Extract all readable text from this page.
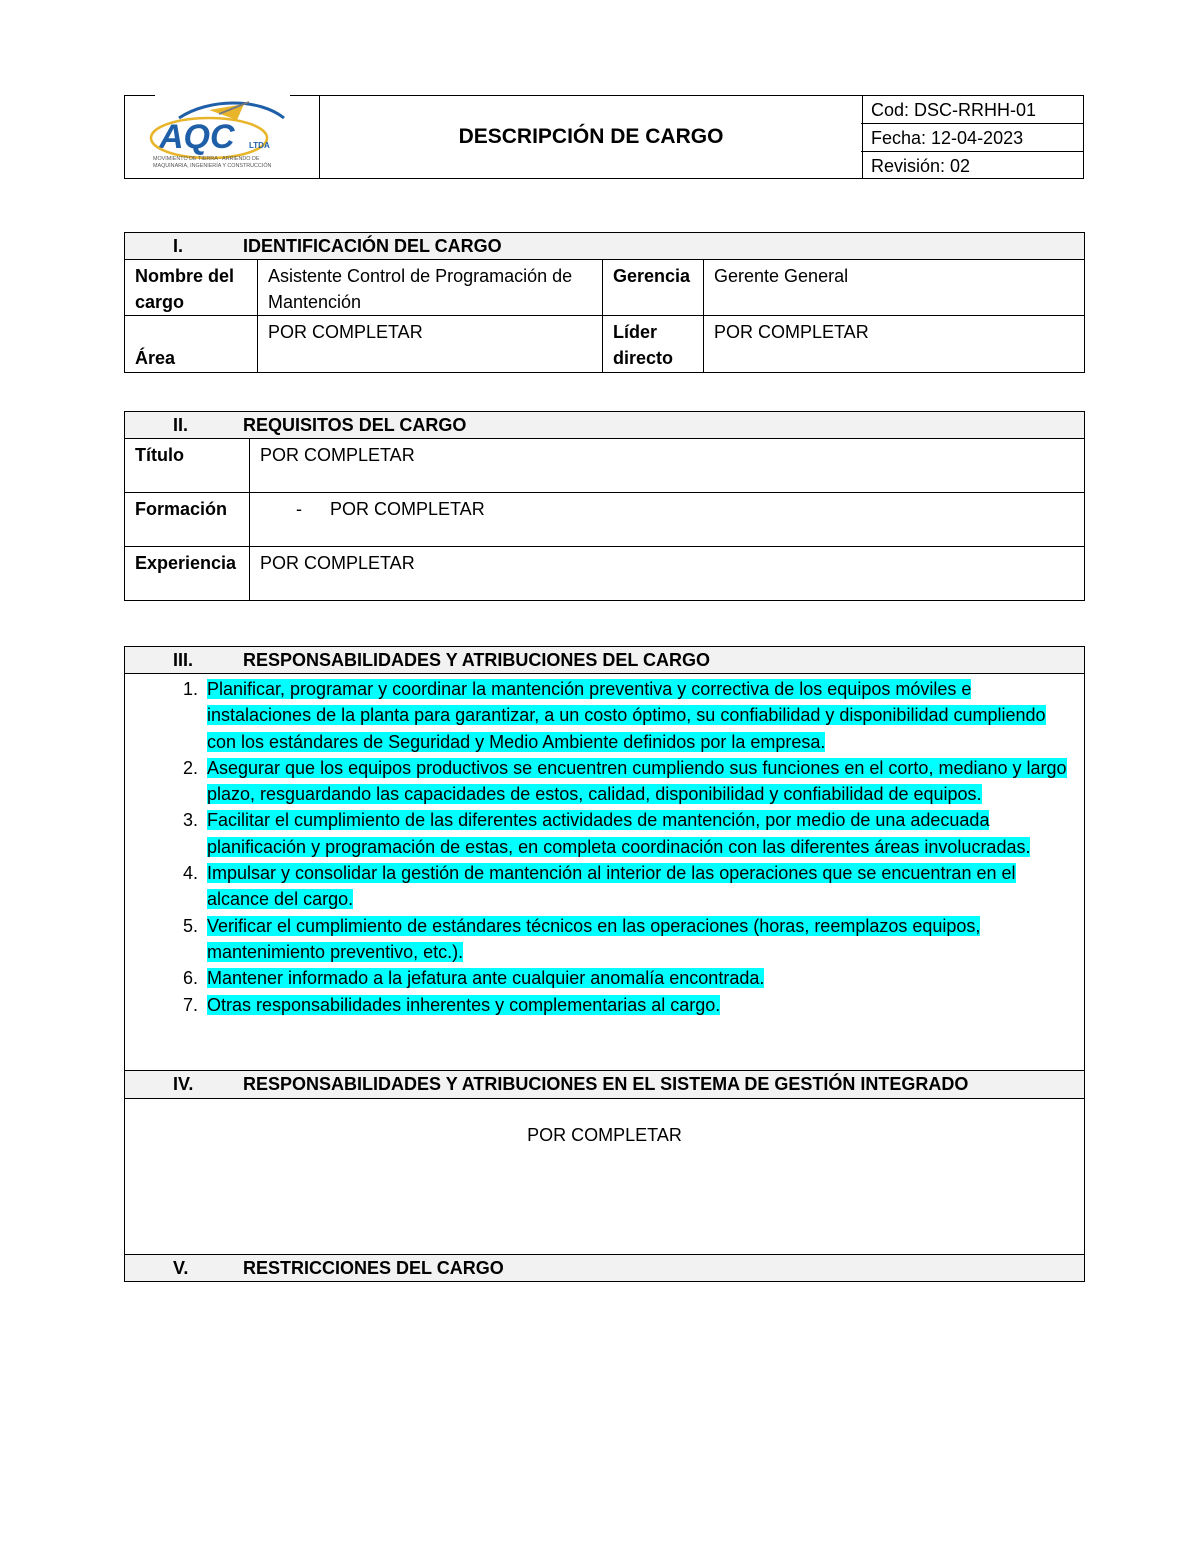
AQC LTDA
MOVIMIENTO DE TIERRA - ARRIENDO DE
MAQUINARIA, INGENIERÍA Y CONSTRUCCIÓN
DESCRIPCIÓN DE CARGO
Cod: DSC-RRHH-01
Fecha: 12-04-2023
Revisión: 02
I. IDENTIFICACIÓN DEL CARGO			
Nombre del cargo	Asistente Control de Programación de Mantención	Gerencia	Gerente General
Área	POR COMPLETAR	Líder directo	POR COMPLETAR
II. REQUISITOS DEL CARGO	
Título	POR COMPLETAR
Formación	- POR COMPLETAR
Experiencia	POR COMPLETAR
III.	RESPONSABILIDADES Y ATRIBUCIONES DEL CARGO

1. Planificar, programar y coordinar la mantención preventiva y correctiva de los equipos móviles e instalaciones de la planta para garantizar, a un costo óptimo, su confiabilidad y disponibilidad cumpliendo con los estándares de Seguridad y Medio Ambiente definidos por la empresa.
2. Asegurar que los equipos productivos se encuentren cumpliendo sus funciones en el corto, mediano y largo plazo, resguardando las capacidades de estos, calidad, disponibilidad y confiabilidad de equipos.
3. Facilitar el cumplimiento de las diferentes actividades de mantención, por medio de una adecuada planificación y programación de estas, en completa coordinación con las diferentes áreas involucradas.
4. Impulsar y consolidar la gestión de mantención al interior de las operaciones que se encuentran en el alcance del cargo.
5. Verificar el cumplimiento de estándares técnicos en las operaciones (horas, reemplazos equipos, mantenimiento preventivo, etc.).
6. Mantener informado a la jefatura ante cualquier anomalía encontrada.
7. Otras responsabilidades inherentes y complementarias al cargo.

IV.	RESPONSABILIDADES Y ATRIBUCIONES EN EL SISTEMA DE GESTIÓN INTEGRADO
POR COMPLETAR
V.	RESTRICCIONES DEL CARGO
